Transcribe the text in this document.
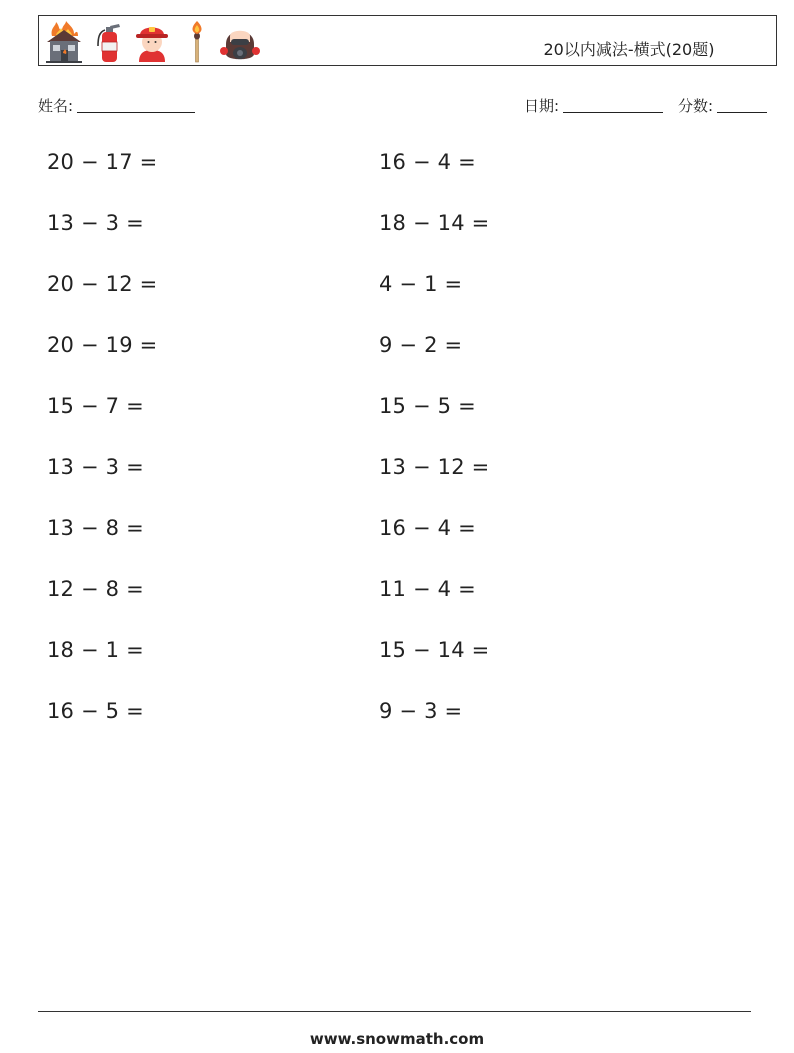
20以内减法-横式(20题)
姓名:	日期:	分数:
20 − 17 =
13 − 3 =
20 − 12 =
20 − 19 =
15 − 7 =
13 − 3 =
13 − 8 =
12 − 8 =
18 − 1 =
16 − 5 =
16 − 4 =
18 − 14 =
4 − 1 =
9 − 2 =
15 − 5 =
13 − 12 =
16 − 4 =
11 − 4 =
15 − 14 =
9 − 3 =
www.snowmath.com
